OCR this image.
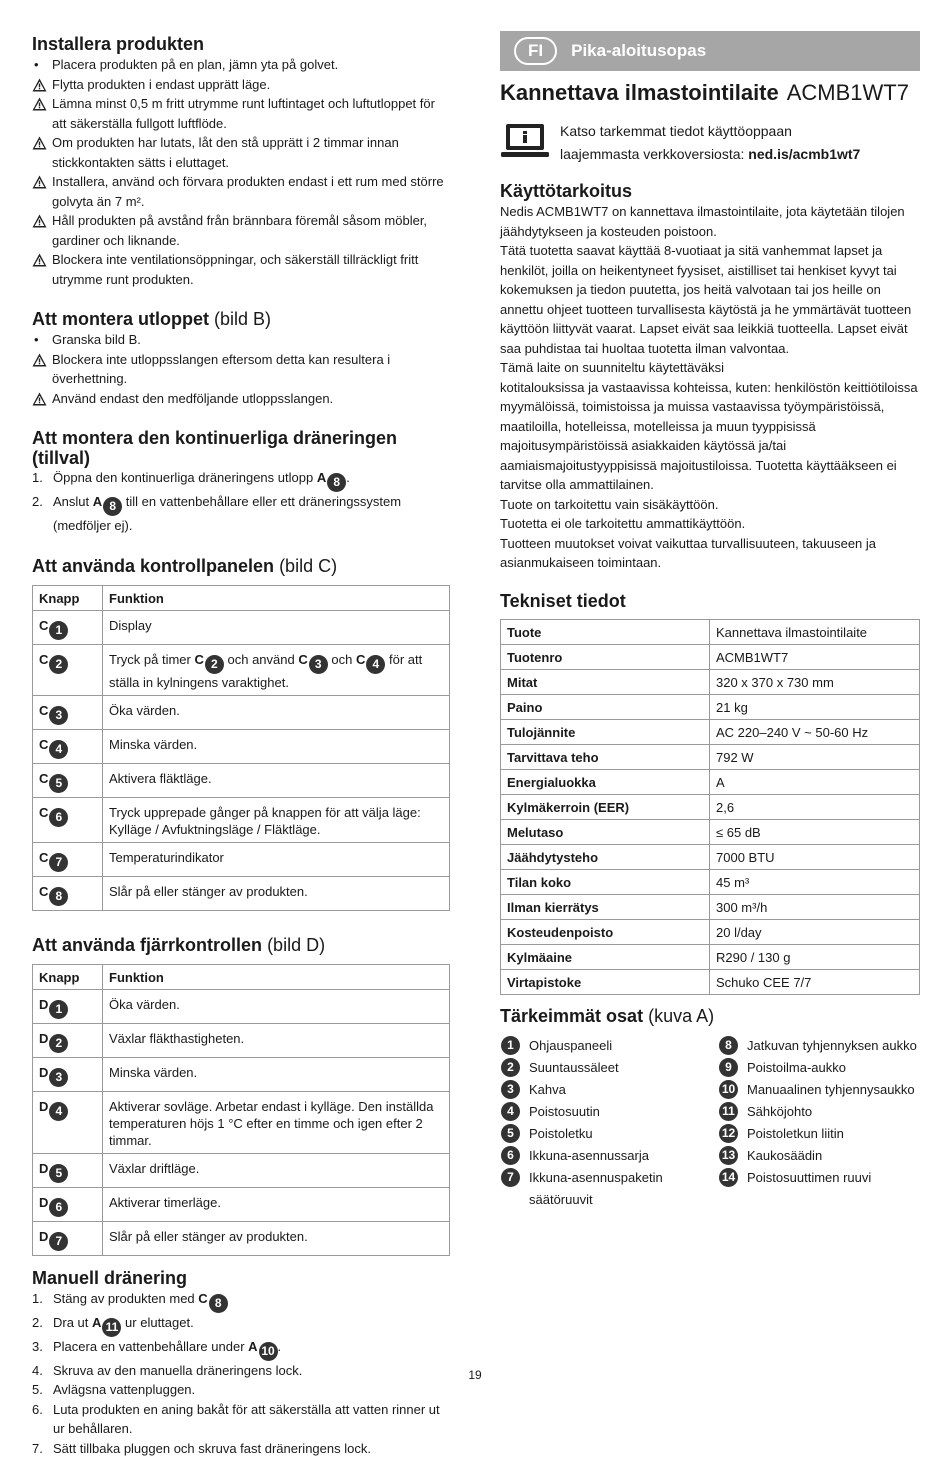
Installera produkten
•	Placera produkten på en plan, jämn yta på golvet.
Flytta produkten i endast upprätt läge.
Lämna minst 0,5 m fritt utrymme runt luftintaget och luftutloppet för att säkerställa fullgott luftflöde.
Om produkten har lutats, låt den stå upprätt i 2 timmar innan stickkontakten sätts i eluttaget.
Installera, använd och förvara produkten endast i ett rum med större golvyta än 7 m².
Håll produkten på avstånd från brännbara föremål såsom möbler, gardiner och liknande.
Blockera inte ventilationsöppningar, och säkerställ tillräckligt fritt utrymme runt produkten.
Att montera utloppet (bild B)
•	Granska bild B.
Blockera inte utloppsslangen eftersom detta kan resultera i överhettning.
Använd endast den medföljande utloppsslangen.
Att montera den kontinuerliga dräneringen (tillval)
1. Öppna den kontinuerliga dräneringens utlopp A 8 .
2. Anslut A 8 till en vattenbehållare eller ett dräneringssystem (medföljer ej).
Att använda kontrollpanelen (bild C)
Knapp	Funktion
C 1	Display
C 2	Tryck på timer C 2 och använd C 3 och C 4 för att ställa in kylningens varaktighet.
C 3	Öka värden.
C 4	Minska värden.
C 5	Aktivera fläktläge.
C 6	Tryck upprepade gånger på knappen för att välja läge: Kylläge / Avfuktningsläge / Fläktläge.
C 7	Temperaturindikator
C 8	Slår på eller stänger av produkten.
Att använda fjärrkontrollen (bild D)
Knapp	Funktion
D 1	Öka värden.
D 2	Växlar fläkthastigheten.
D 3	Minska värden.
D 4	Aktiverar sovläge. Arbetar endast i kylläge. Den inställda temperaturen höjs 1 °C efter en timme och igen efter 2 timmar.
D 5	Växlar driftläge.
D 6	Aktiverar timerläge.
D 7	Slår på eller stänger av produkten.
Manuell dränering
1. Stäng av produkten med C 8
2. Dra ut A 11 ur eluttaget.
3. Placera en vattenbehållare under A 10 .
4. Skruva av den manuella dräneringens lock.
5. Avlägsna vattenpluggen.
6. Luta produkten en aning bakåt för att säkerställa att vatten rinner ut ur behållaren.
7. Sätt tillbaka pluggen och skruva fast dräneringens lock.
FI	Pika-aloitusopas
Kannettava ilmastointilaite ACMB1WT7
Katso tarkemmat tiedot käyttöoppaan
laajemmasta verkkoversiosta: ned.is/acmb1wt7
Käyttötarkoitus
Nedis ACMB1WT7 on kannettava ilmastointilaite, jota käytetään tilojen jäähdytykseen ja kosteuden poistoon.
Tätä tuotetta saavat käyttää 8-vuotiaat ja sitä vanhemmat lapset ja henkilöt, joilla on heikentyneet fyysiset, aistilliset tai henkiset kyvyt tai kokemuksen ja tiedon puutetta, jos heitä valvotaan tai jos heille on annettu ohjeet tuotteen turvallisesta käytöstä ja he ymmärtävät tuotteen käyttöön liittyvät vaarat. Lapset eivät saa leikkiä tuotteella. Lapset eivät saa puhdistaa tai huoltaa tuotetta ilman valvontaa.
Tämä laite on suunniteltu käytettäväksi
kotitalouksissa ja vastaavissa kohteissa, kuten: henkilöstön keittiötiloissa myymälöissä, toimistoissa ja muissa vastaavissa työympäristöissä, maatiloilla, hotelleissa, motelleissa ja muun tyyppisissä
majoitusympäristöissä asiakkaiden käytössä ja/tai aamiaismajoitustyyppisissä majoitustiloissa. Tuotetta käyttääkseen ei tarvitse olla ammattilainen.
Tuote on tarkoitettu vain sisäkäyttöön.
Tuotetta ei ole tarkoitettu ammattikäyttöön.
Tuotteen muutokset voivat vaikuttaa turvallisuuteen, takuuseen ja asianmukaiseen toimintaan.
Tekniset tiedot
Tuote	Kannettava ilmastointilaite
Tuotenro	ACMB1WT7
Mitat	320 x 370 x 730 mm
Paino	21 kg
Tulojännite	AC 220–240 V ~ 50-60 Hz
Tarvittava teho	792 W
Energialuokka	A
Kylmäkerroin (EER)	2,6
Melutaso	≤ 65 dB
Jäähdytysteho	7000 BTU
Tilan koko	45 m³
Ilman kierrätys	300 m³/h
Kosteudenpoisto	20 l/day
Kylmäaine	R290 / 130 g
Virtapistoke	Schuko CEE 7/7
Tärkeimmät osat (kuva A)
1	Ohjauspaneeli
2	Suuntaussäleet
3	Kahva
4	Poistosuutin
5	Poistoletku
6	Ikkuna-asennussarja
7	Ikkuna-asennuspaketin säätöruuvit
8	Jatkuvan tyhjennyksen aukko
9	Poistoilma-aukko
10 Manuaalinen tyhjennysaukko
11 Sähköjohto
12 Poistoletkun liitin
13 Kaukosäädin
14 Poistosuuttimen ruuvi
19
